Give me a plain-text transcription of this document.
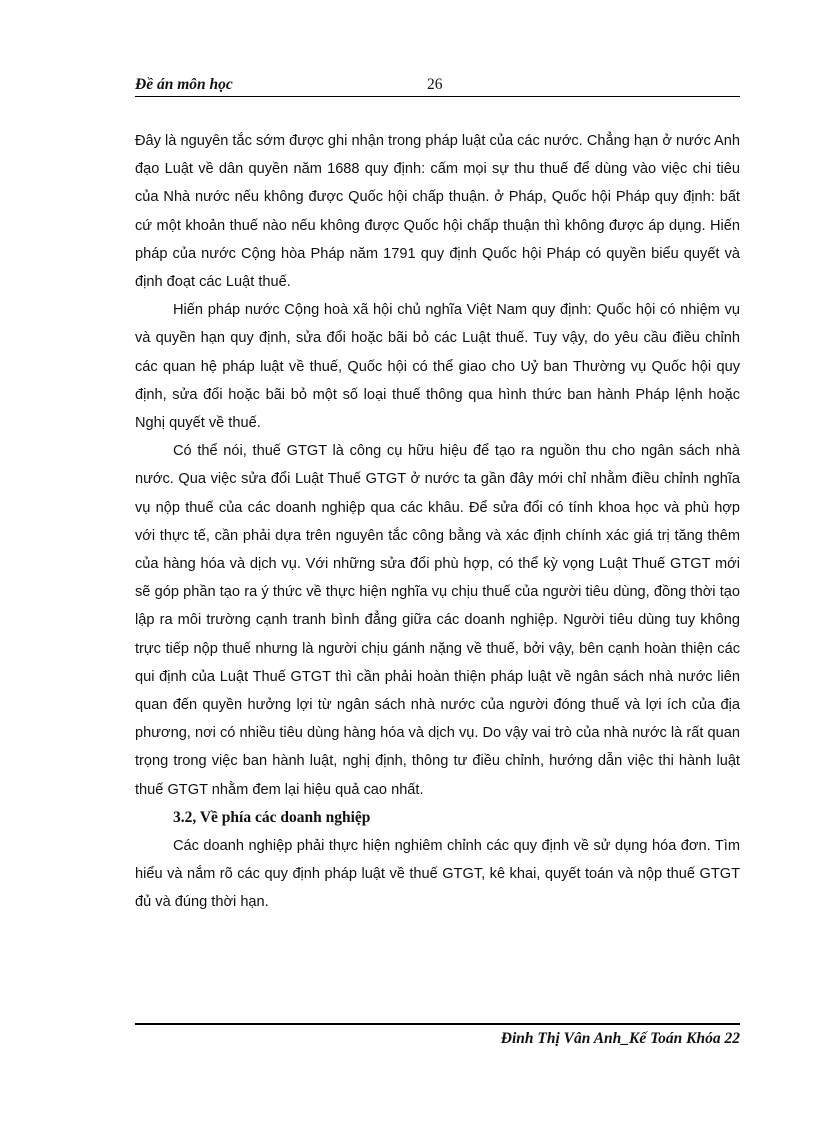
Đề án môn học	26

Đây là nguyên tắc sớm được ghi nhận trong pháp luật của các nước. Chẳng hạn ở nước Anh đạo Luật về dân quyền năm 1688 quy định: cấm mọi sự thu thuế để dùng vào việc chi tiêu của Nhà nước nếu không được Quốc hội chấp thuận. ở Pháp, Quốc hội Pháp quy định: bất cứ một khoản thuế nào nếu không được Quốc hội chấp thuận thì không được áp dụng. Hiến pháp của nước Cộng hòa Pháp năm 1791 quy định Quốc hội Pháp có quyền biểu quyết và định đoạt các Luật thuế.

Hiến pháp nước Cộng hoà xã hội chủ nghĩa Việt Nam quy định: Quốc hội có nhiệm vụ và quyền hạn quy định, sửa đổi hoặc bãi bỏ các Luật thuế. Tuy vậy, do yêu cầu điều chỉnh các quan hệ pháp luật về thuế, Quốc hội có thể giao cho Uỷ ban Thường vụ Quốc hội quy định, sửa đổi hoặc bãi bỏ một số loại thuế thông qua hình thức ban hành Pháp lệnh hoặc Nghị quyết về thuế.

Có thể nói, thuế GTGT là công cụ hữu hiệu để tạo ra nguồn thu cho ngân sách nhà nước. Qua việc sửa đổi Luật Thuế GTGT ở nước ta gần đây mới chỉ nhằm điều chỉnh nghĩa vụ nộp thuế của các doanh nghiệp qua các khâu. Để sửa đổi có tính khoa học và phù hợp với thực tế, cần phải dựa trên nguyên tắc công bằng và xác định chính xác giá trị tăng thêm của hàng hóa và dịch vụ. Với những sửa đổi phù hợp, có thể kỳ vọng Luật Thuế GTGT mới sẽ góp phần tạo ra ý thức về thực hiện nghĩa vụ chịu thuế của người tiêu dùng, đồng thời tạo lập ra môi trường cạnh tranh bình đẳng giữa các doanh nghiệp. Người tiêu dùng tuy không trực tiếp nộp thuế nhưng là người chịu gánh nặng về thuế, bởi vậy, bên cạnh hoàn thiện các qui định của Luật Thuế GTGT thì cần phải hoàn thiện pháp luật về ngân sách nhà nước liên quan đến quyền hưởng lợi từ ngân sách nhà nước của người đóng thuế và lợi ích của địa phương, nơi có nhiều tiêu dùng hàng hóa và dịch vụ. Do vậy vai trò của nhà nước là rất quan trọng trong việc ban hành luật, nghị định, thông tư điều chỉnh, hướng dẫn việc thi hành luật thuế GTGT nhằm đem lại hiệu quả cao nhất.

3.2, Về phía các doanh nghiệp

Các doanh nghiệp phải thực hiện nghiêm chỉnh các quy định về sử dụng hóa đơn. Tìm hiểu và nắm rõ các quy định pháp luật về thuế GTGT, kê khai, quyết toán và nộp thuế GTGT đủ và đúng thời hạn.

Đinh Thị Vân Anh_Kế Toán Khóa 22
